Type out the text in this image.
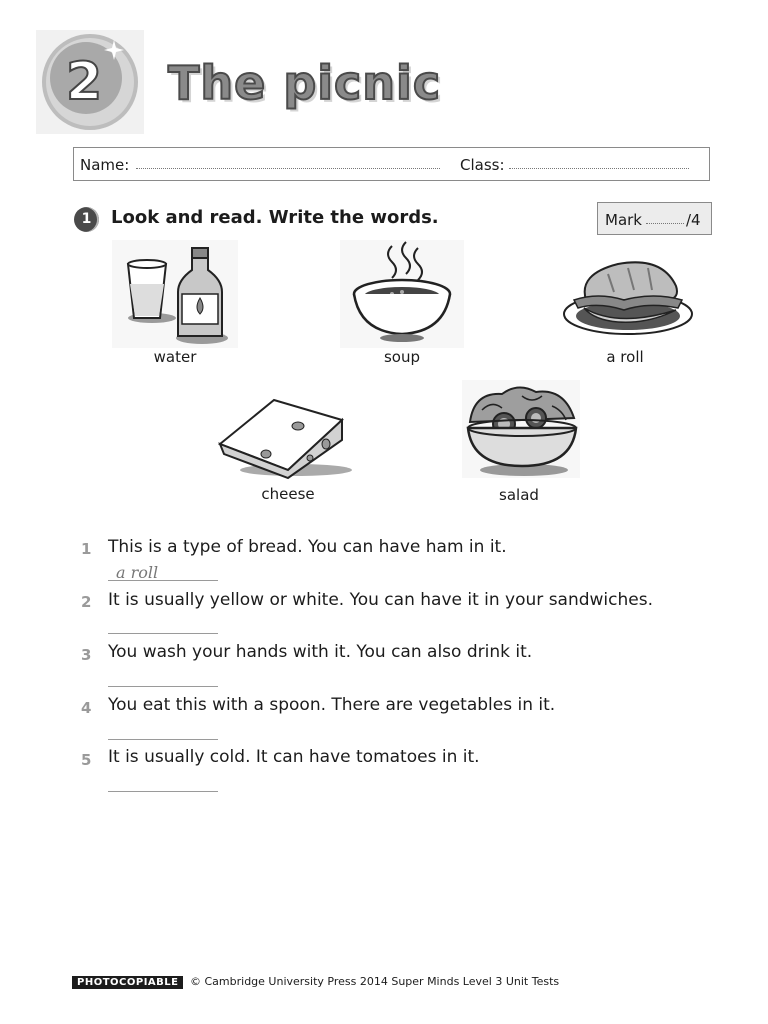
2 The picnic
Name:	Class:
1	Look and read. Write the words.	Mark	/4
water	soup	a roll
cheese	salad
1 This is a type of bread. You can have ham in it.
a roll
2 It is usually yellow or white. You can have it in your sandwiches.
3 You wash your hands with it. You can also drink it.
4 You eat this with a spoon. There are vegetables in it.
5 It is usually cold. It can have tomatoes in it.
PHOTOCOPIABLE	© Cambridge University Press 2014 Super Minds Level 3 Unit Tests
